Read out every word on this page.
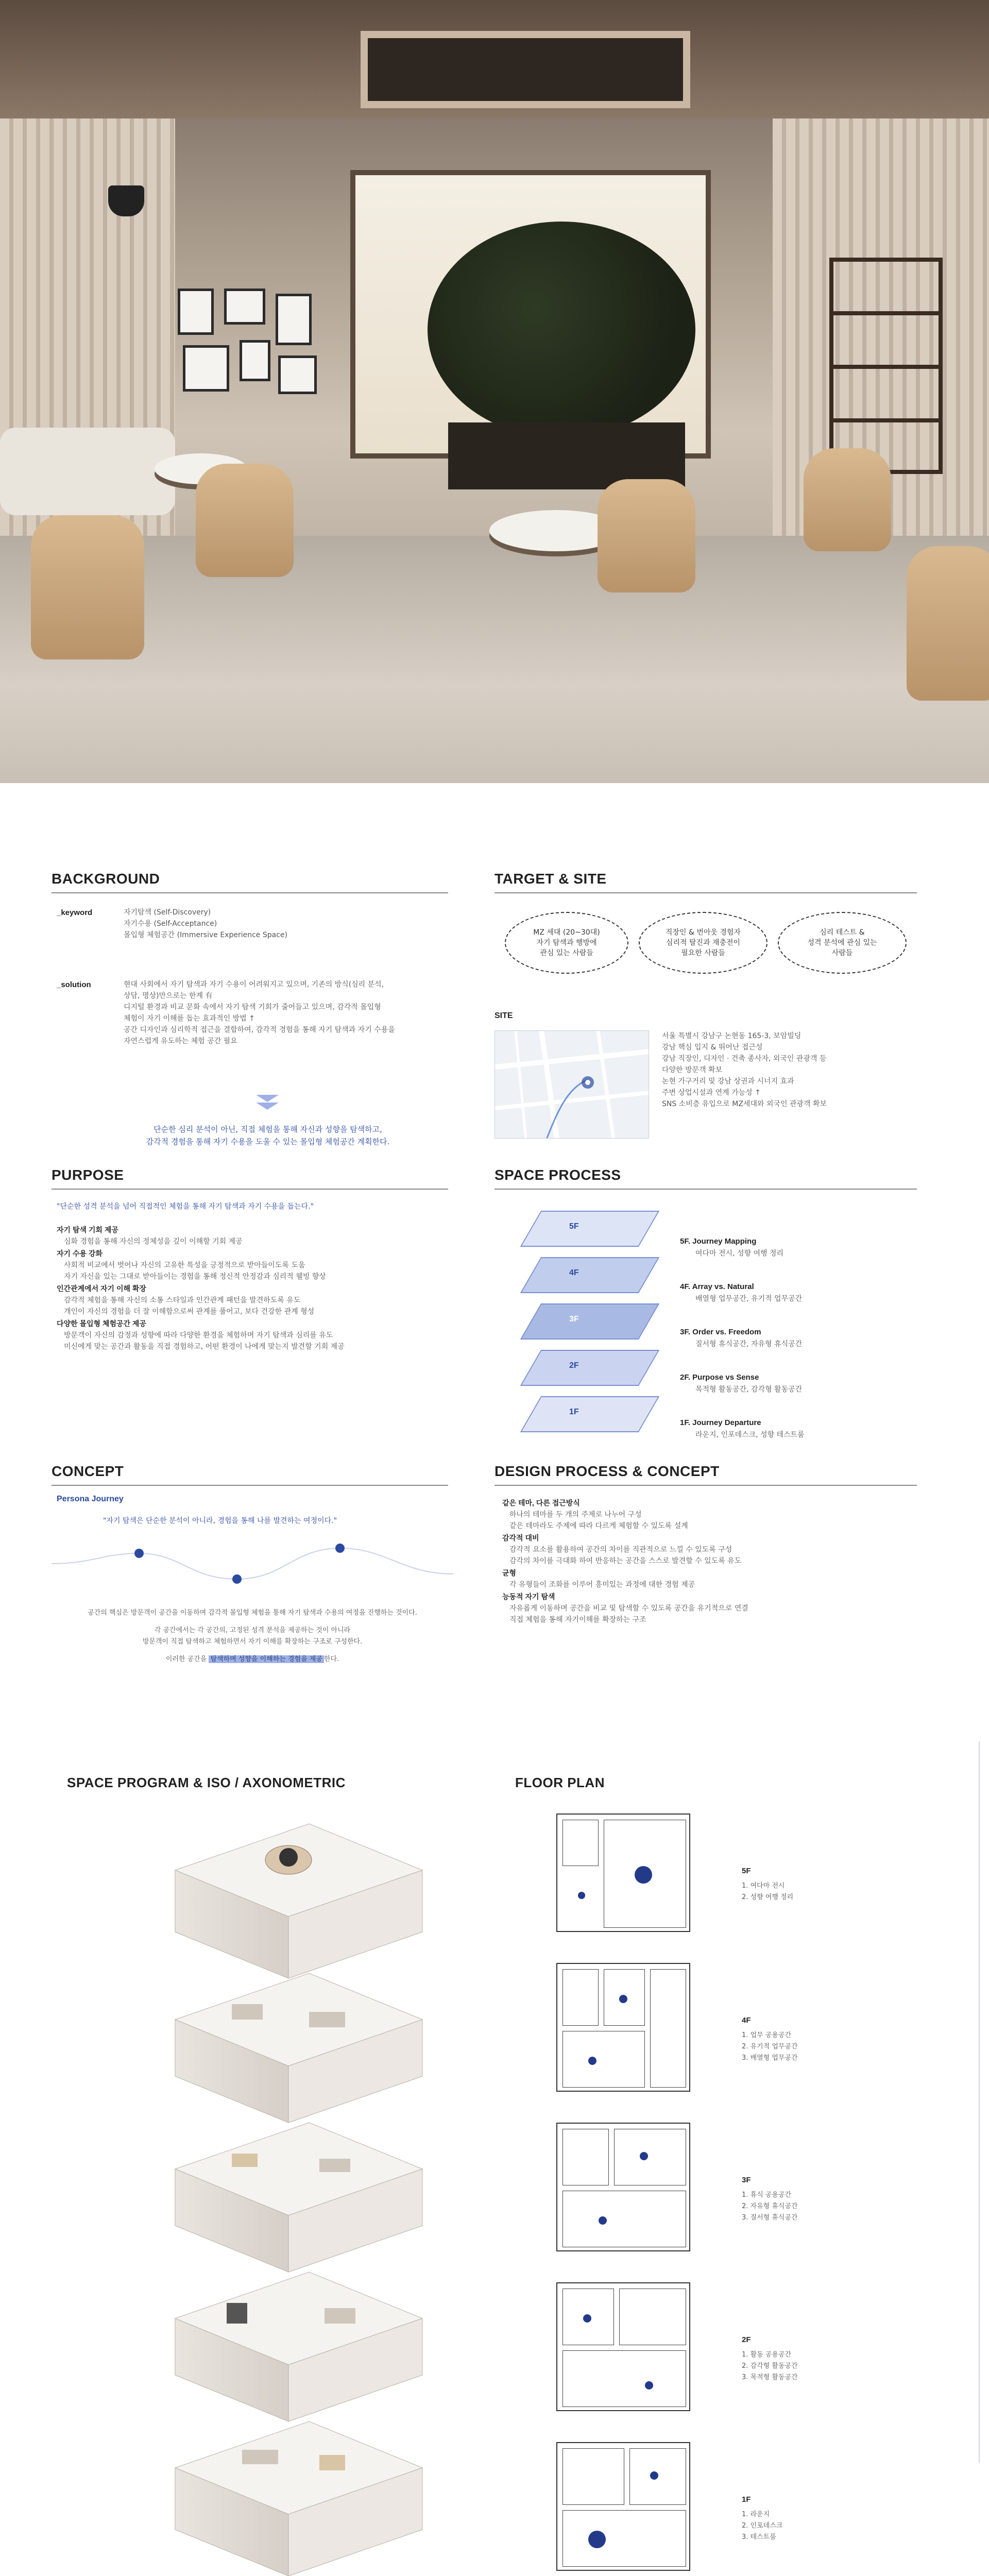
BACKGROUND
_keyword	자기탐색 (Self-Discovery)
자기수용 (Self-Acceptance)
몰입형 체험공간 (Immersive Experience Space)
_solution	현대 사회에서 자기 탐색과 자기 수용이 어려워지고 있으며, 기존의 방식(심리 분석,
상담, 명상)만으로는 한계 有
디지털 환경과 비교 문화 속에서 자기 탐색 기회가 줄어들고 있으며, 감각적 몰입형
체험이 자기 이해를 돕는 효과적인 방법 ↑
공간 디자인과 심리학적 접근을 결합하여, 감각적 경험을 통해 자기 탐색과 자기 수용을
자연스럽게 유도하는 체험 공간 필요
단순한 심리 분석이 아닌, 직접 체험을 통해 자신과 성향을 탐색하고,
감각적 경험을 통해 자기 수용을 도울 수 있는 몰입형 체험공간 계획한다.
TARGET & SITE
MZ 세대 (20~30대)
자기 탐색과 행방에
관심 있는 사람들
직장인 & 번아웃 경험자
심리적 탈진과 재충전이
필요한 사람들
심리 테스트 &
성격 분석에 관심 있는
사람들
SITE
서울 특별시 강남구 논현동 165-3, 보암빌딩
강남 핵심 입지 & 뛰어난 접근성
강남 직장인, 디자인 · 건축 종사자, 외국인 관광객 등
다양한 방문객 확보
논현 가구거리 및 강남 상권과 시너지 효과
주변 상업시설과 연계 가능성 ↑
SNS 소비층 유입으로 MZ세대와 외국인 관광객 확보
PURPOSE
"단순한 성격 분석을 넘어 직접적인 체험을 통해 자기 탐색과 자기 수용을 돕는다."
자기 탐색 기회 제공
심화 경험을 통해 자신의 정체성을 깊이 이해할 기회 제공
자기 수용 강화
사회적 비교에서 벗어나 자신의 고유한 특성을 긍정적으로 받아들이도록 도움
자기 자신을 있는 그대로 받아들이는 경험을 통해 정신적 안정감과 심리적 웰빙 향상
인간관계에서 자기 이해 확장
감각적 체험을 통해 자신의 소통 스타일과 인간관계 패턴을 발견하도록 유도
개인이 자신의 경험을 더 잘 이해함으로써 관계를 풀어고, 보다 건강한 관계 형성
다양한 몰입형 체험공간 제공
방문객이 자신의 감정과 성향에 따라 다양한 환경을 체험하며 자기 탐색과 심리를 유도
미신에게 맞는 공간과 활동을 직접 경험하고, 어떤 환경이 나에게 맞는지 발견할 기회 제공
SPACE PROCESS
5F
4F
3F
2F
1F
5F. Journey Mapping
여다마 전시, 성향 여행 정리
4F. Array vs. Natural
배열형 업무공간, 유기적 업무공간
3F. Order vs. Freedom
질서형 휴식공간, 자유형 휴식공간
2F. Purpose vs Sense
목적형 활동공간, 감각형 활동공간
1F. Journey Departure
라운지, 인포데스크, 성향 테스트룸
CONCEPT
Persona Journey
"자기 탐색은 단순한 분석이 아니라, 경험을 통해 나를 발견하는 여정이다."
공간의 핵심은 방문객이 공간을 이동하며 감각적 몰입형 체험을 통해 자기 탐색과 수용의 여정을 진행하는 것이다.
각 공간에서는 각 공간의, 고정된 성격 분석을 제공하는 것이 아니라
방문객이 직접 탐색하고 체험하면서 자기 이해를 확장하는 구조로 구성한다.
이러한 공간을 탐색하며 성향을 이해하는 경험을 제공 한다.
DESIGN PROCESS & CONCEPT
같은 테마, 다른 접근방식
하나의 테마를 두 개의 주제로 나누어 구성
같은 테마라도 주제에 따라 다르게 체험할 수 있도록 설계
감각적 대비
감각적 요소를 활용하여 공간의 차이를 직관적으로 느낄 수 있도록 구성
감각의 차이를 극대화 하여 반응하는 공간을 스스로 발견할 수 있도록 유도
균형
각 유형들이 조화를 이루어 흥미있는 과정에 대한 경험 제공
능동적 자기 탐색
자유롭게 이동하며 공간을 비교 및 탐색할 수 있도록 공간을 유기적으로 연결
직접 체험을 통해 자기이해를 확장하는 구조
SPACE PROGRAM & ISO / AXONOMETRIC	FLOOR PLAN
5F
1. 여다마 전시
2. 성향 여행 정리
4F
1. 업무 공용공간
2. 유기적 업무공간
3. 배열형 업무공간
3F
1. 휴식 공용공간
2. 자유형 휴식공간
3. 질서형 휴식공간
2F
1. 활동 공용공간
2. 감각형 활동공간
3. 목적형 활동공간
1F
1. 라운지
2. 인포데스크
3. 테스트룸
